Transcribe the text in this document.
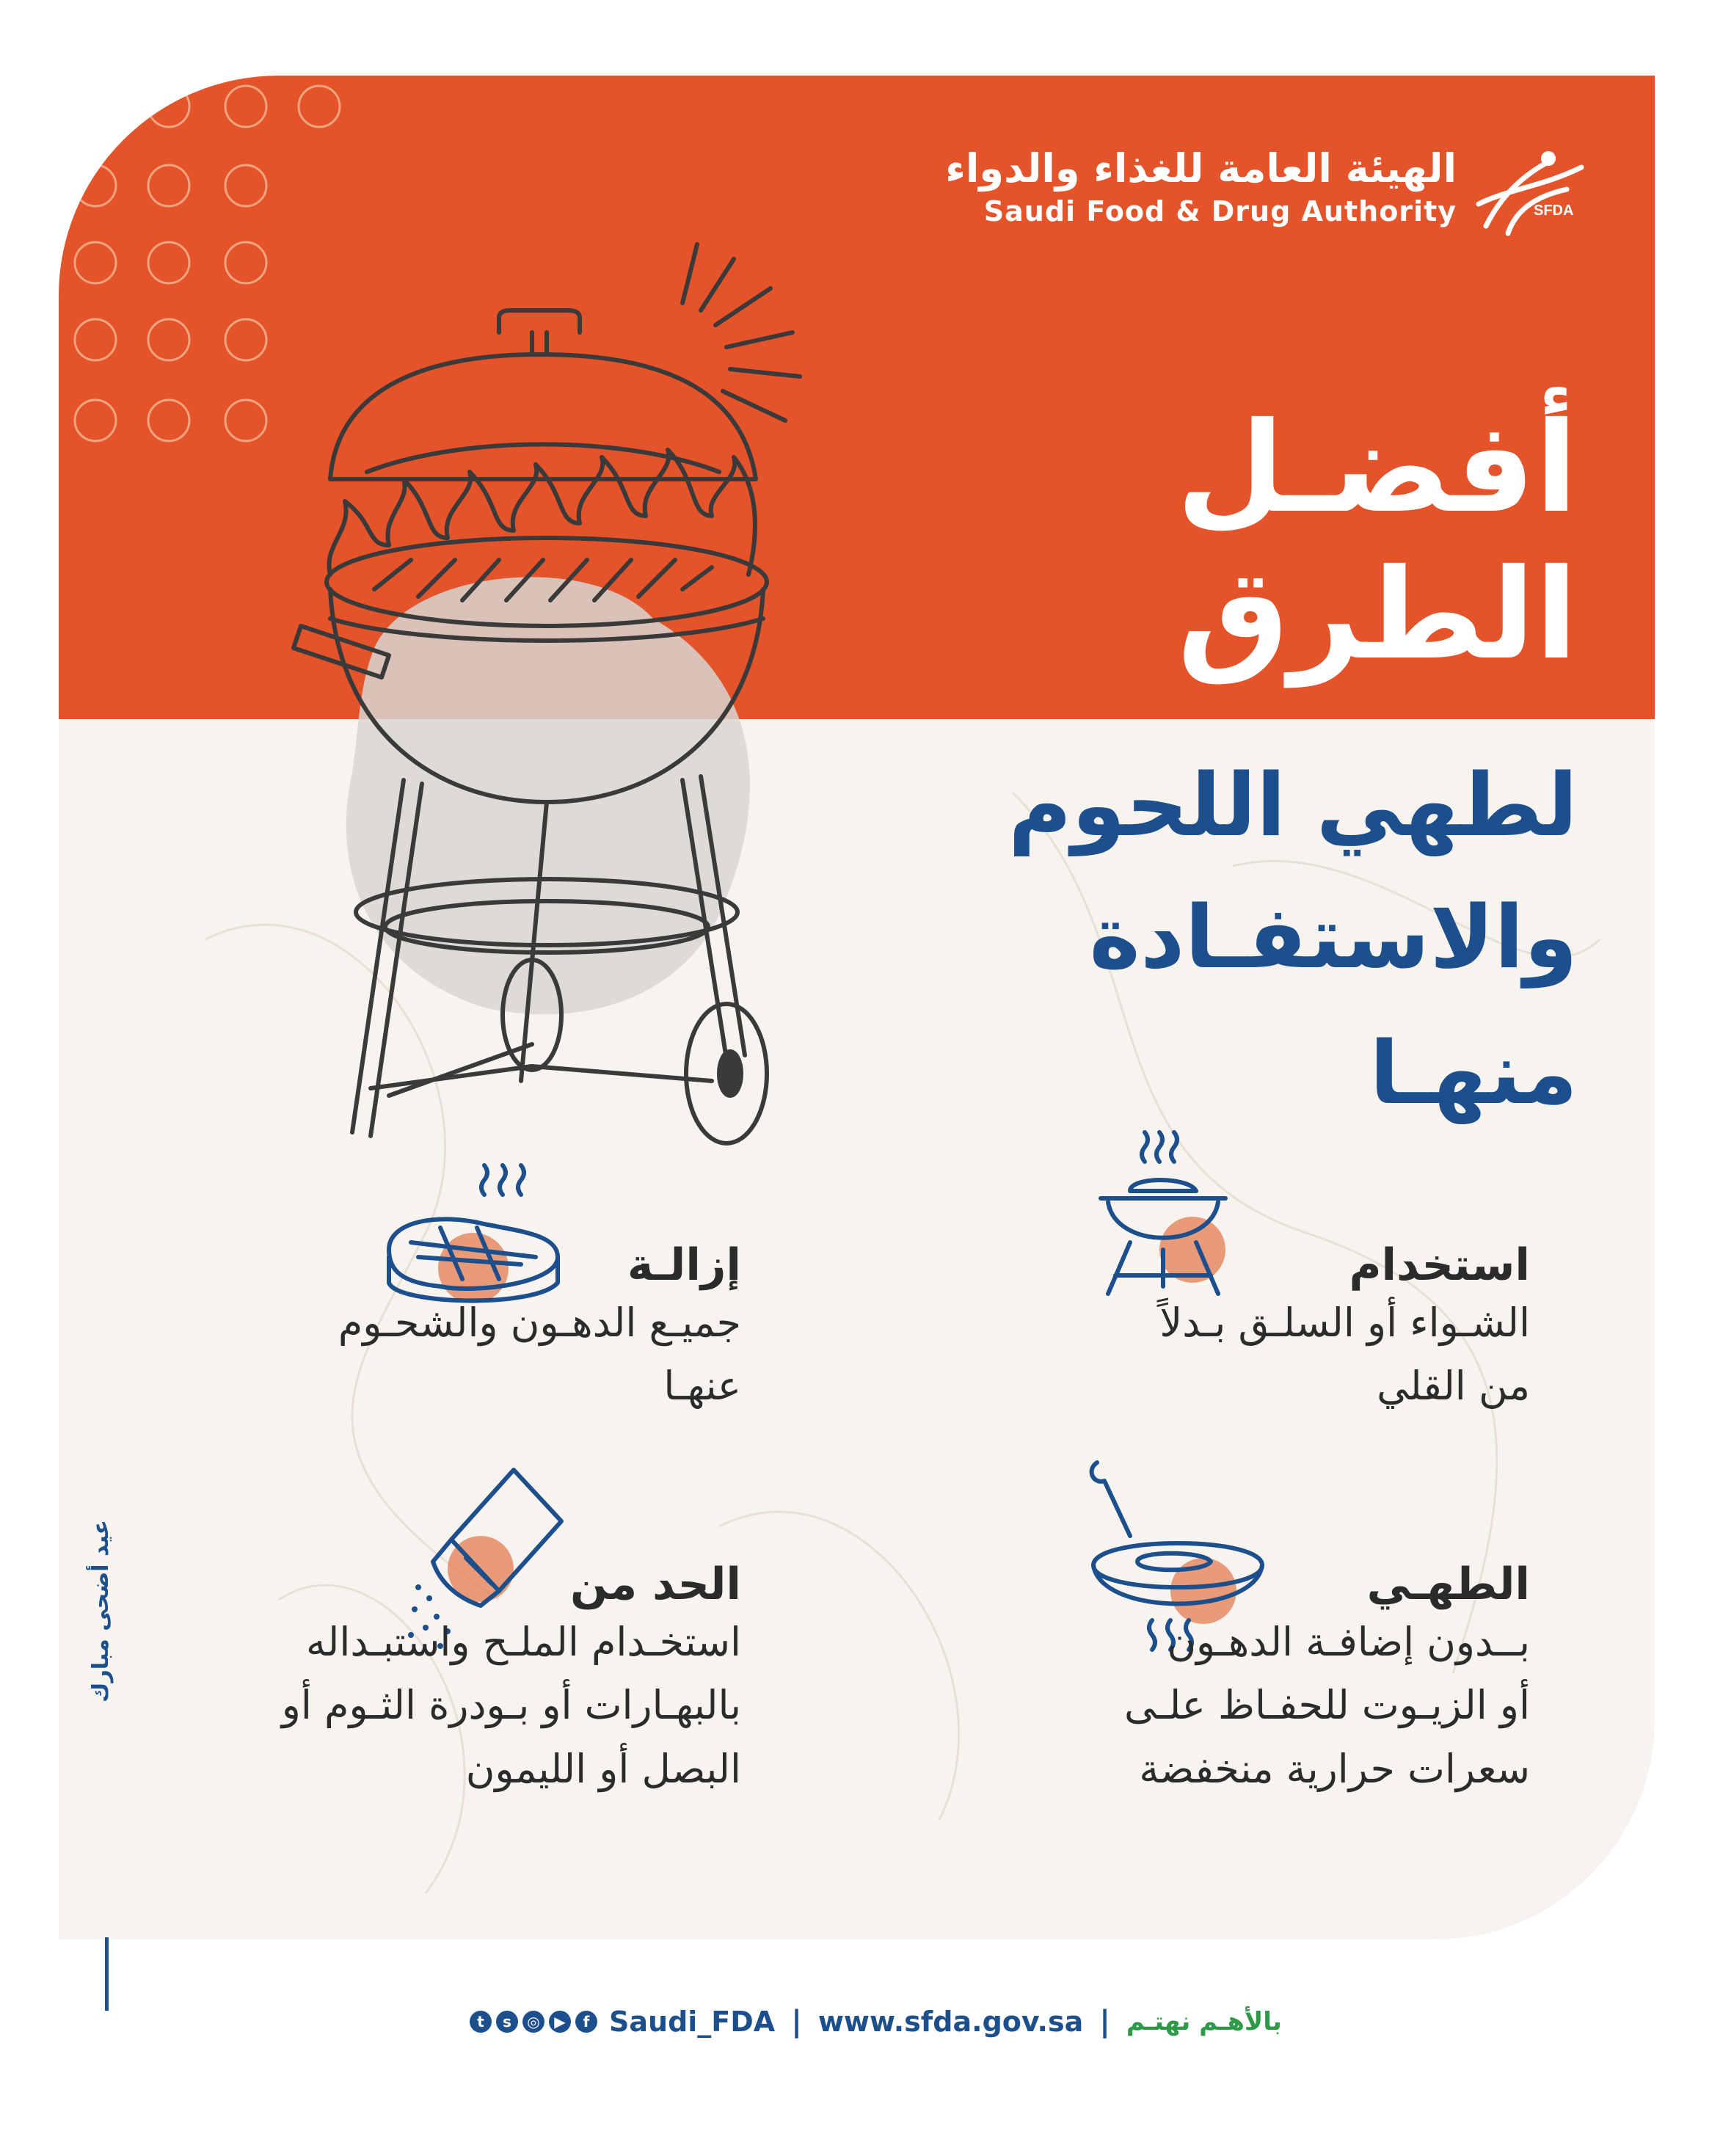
الهيئة العامة للغذاء والدواء
Saudi Food & Drug Authority	SFDA
أفضـل
الطرق
لطهي اللحوم
والاستفـادة
منهـا
استخدام
الشـواء أو السلـق بـدلاً
من القلي
إزالـة
جميـع الدهـون والشحـوم
عنهـا
الطهـي
بــدون إضافـة الدهـون
أو الزيـوت للحفـاظ علـى
سعرات حرارية منخفضة
الحد من
استخـدام الملـح واستبـداله
بالبهـارات أو بـودرة الثـوم أو
البصل أو الليمون
عيد أضحى مبارك
t	s	◎ ▶	f Saudi_FDA | www.sfda.gov.sa | بالأهـم نهتـم
